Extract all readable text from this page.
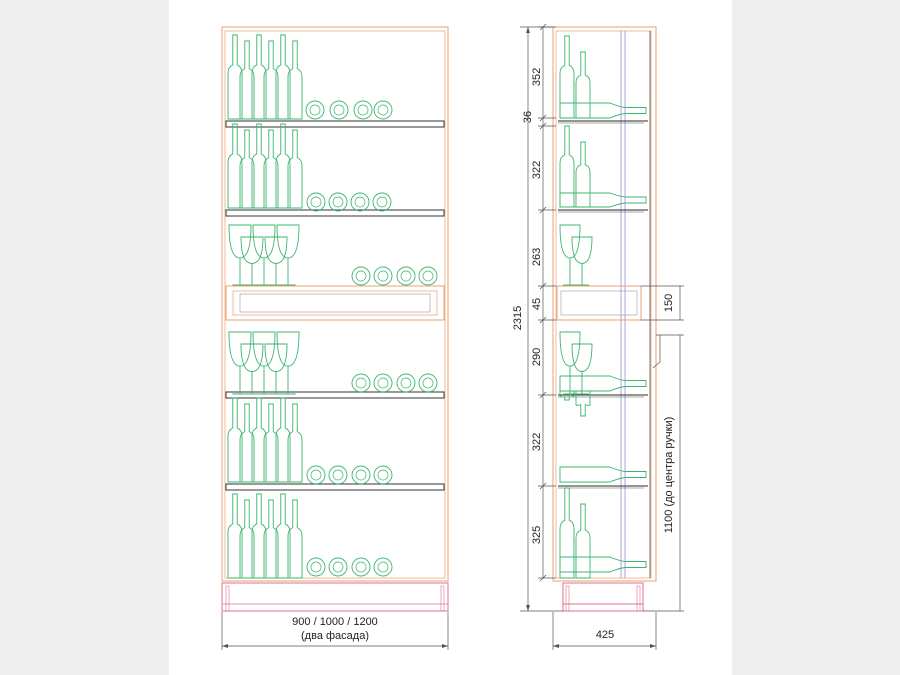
900 / 1000 / 1200
(два фасада)
2315
352
36
322
263
45
290
322
325
150
1100 (до центра ручки)
425
